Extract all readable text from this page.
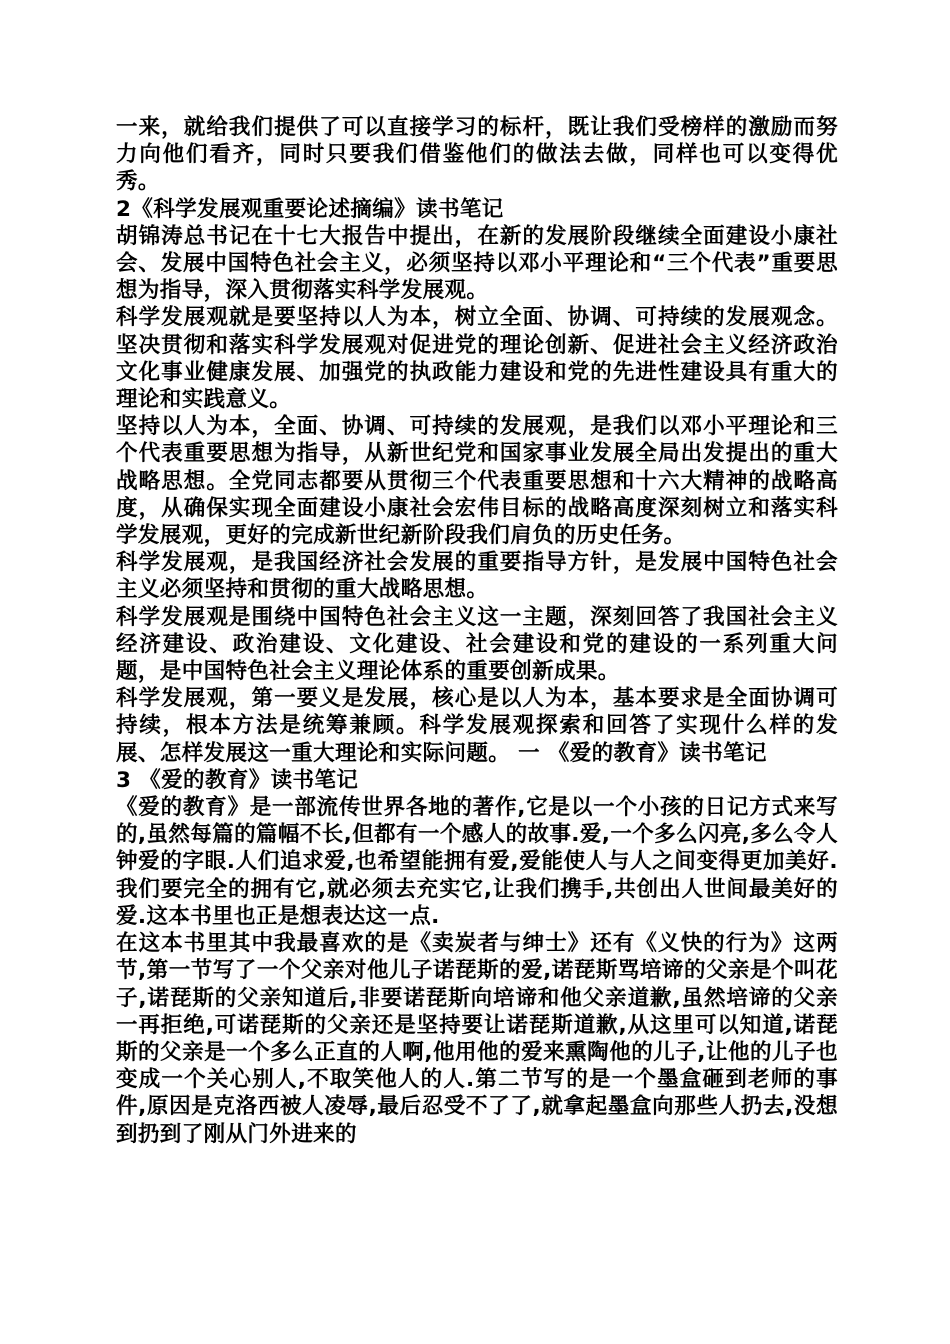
一来，就给我们提供了可以直接学习的标杆，既让我们受榜样的激励而努力向他们看齐，同时只要我们借鉴他们的做法去做，同样也可以变得优秀。

2《科学发展观重要论述摘编》读书笔记

胡锦涛总书记在十七大报告中提出，在新的发展阶段继续全面建设小康社会、发展中国特色社会主义，必须坚持以邓小平理论和“三个代表”重要思想为指导，深入贯彻落实科学发展观。

科学发展观就是要坚持以人为本，树立全面、协调、可持续的发展观念。坚决贯彻和落实科学发展观对促进党的理论创新、促进社会主义经济政治文化事业健康发展、加强党的执政能力建设和党的先进性建设具有重大的理论和实践意义。

坚持以人为本，全面、协调、可持续的发展观，是我们以邓小平理论和三个代表重要思想为指导，从新世纪党和国家事业发展全局出发提出的重大战略思想。全党同志都要从贯彻三个代表重要思想和十六大精神的战略高度，从确保实现全面建设小康社会宏伟目标的战略高度深刻树立和落实科学发展观，更好的完成新世纪新阶段我们肩负的历史任务。

科学发展观，是我国经济社会发展的重要指导方针，是发展中国特色社会主义必须坚持和贯彻的重大战略思想。

科学发展观是围绕中国特色社会主义这一主题，深刻回答了我国社会主义经济建设、政治建设、文化建设、社会建设和党的建设的一系列重大问题，是中国特色社会主义理论体系的重要创新成果。

科学发展观，第一要义是发展，核心是以人为本，基本要求是全面协调可持续，根本方法是统筹兼顾。科学发展观探索和回答了实现什么样的发展、怎样发展这一重大理论和实际问题。 一 《爱的教育》读书笔记

3 《爱的教育》读书笔记

《爱的教育》是一部流传世界各地的著作,它是以一个小孩的日记方式来写的,虽然每篇的篇幅不长,但都有一个感人的故事.爱,一个多么闪亮,多么令人钟爱的字眼.人们追求爱,也希望能拥有爱,爱能使人与人之间变得更加美好.我们要完全的拥有它,就必须去充实它,让我们携手,共创出人世间最美好的爱.这本书里也正是想表达这一点.

在这本书里其中我最喜欢的是《卖炭者与绅士》还有《义快的行为》这两节,第一节写了一个父亲对他儿子诺琵斯的爱,诺琵斯骂培谛的父亲是个叫花子,诺琵斯的父亲知道后,非要诺琵斯向培谛和他父亲道歉,虽然培谛的父亲一再拒绝,可诺琵斯的父亲还是坚持要让诺琵斯道歉,从这里可以知道,诺琵斯的父亲是一个多么正直的人啊,他用他的爱来熏陶他的儿子,让他的儿子也变成一个关心别人,不取笑他人的人.第二节写的是一个墨盒砸到老师的事件,原因是克洛西被人凌辱,最后忍受不了了,就拿起墨盒向那些人扔去,没想到扔到了刚从门外进来的
